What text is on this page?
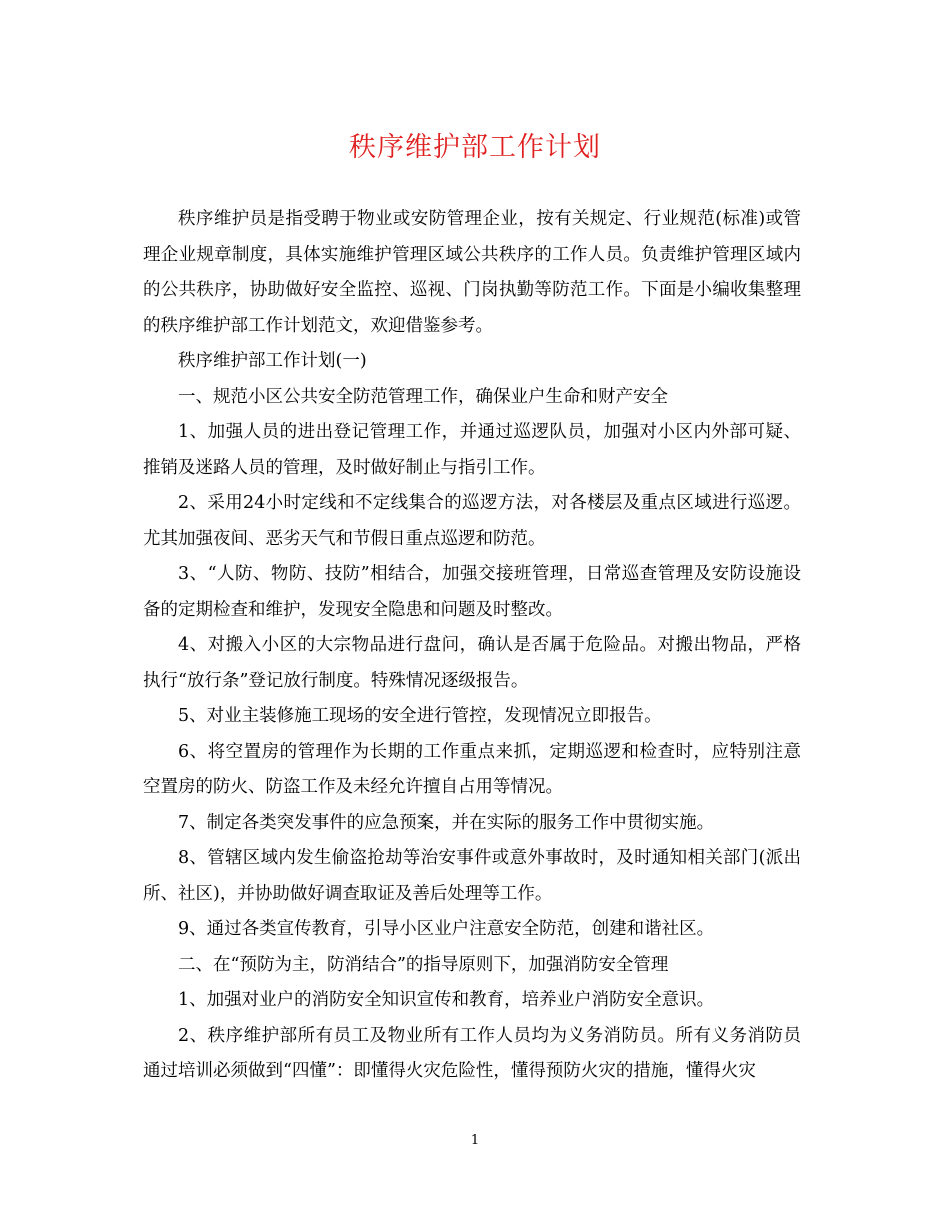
秩序维护部工作计划

秩序维护员是指受聘于物业或安防管理企业，按有关规定、行业规范(标准)或管理企业规章制度，具体实施维护管理区域公共秩序的工作人员。负责维护管理区域内的公共秩序，协助做好安全监控、巡视、门岗执勤等防范工作。下面是小编收集整理的秩序维护部工作计划范文，欢迎借鉴参考。

秩序维护部工作计划(一)

一、规范小区公共安全防范管理工作，确保业户生命和财产安全

1、加强人员的进出登记管理工作，并通过巡逻队员，加强对小区内外部可疑、推销及迷路人员的管理，及时做好制止与指引工作。

2、采用24小时定线和不定线集合的巡逻方法，对各楼层及重点区域进行巡逻。尤其加强夜间、恶劣天气和节假日重点巡逻和防范。

3、“人防、物防、技防”相结合，加强交接班管理，日常巡查管理及安防设施设备的定期检查和维护，发现安全隐患和问题及时整改。

4、对搬入小区的大宗物品进行盘问，确认是否属于危险品。对搬出物品，严格执行“放行条”登记放行制度。特殊情况逐级报告。

5、对业主装修施工现场的安全进行管控，发现情况立即报告。

6、将空置房的管理作为长期的工作重点来抓，定期巡逻和检查时，应特别注意空置房的防火、防盗工作及未经允许擅自占用等情况。

7、制定各类突发事件的应急预案，并在实际的服务工作中贯彻实施。

8、管辖区域内发生偷盗抢劫等治安事件或意外事故时，及时通知相关部门(派出所、社区)，并协助做好调查取证及善后处理等工作。

9、通过各类宣传教育，引导小区业户注意安全防范，创建和谐社区。

二、在“预防为主，防消结合”的指导原则下，加强消防安全管理

1、加强对业户的消防安全知识宣传和教育，培养业户消防安全意识。

2、秩序维护部所有员工及物业所有工作人员均为义务消防员。所有义务消防员通过培训必须做到“四懂”：即懂得火灾危险性，懂得预防火灾的措施，懂得火灾

1
